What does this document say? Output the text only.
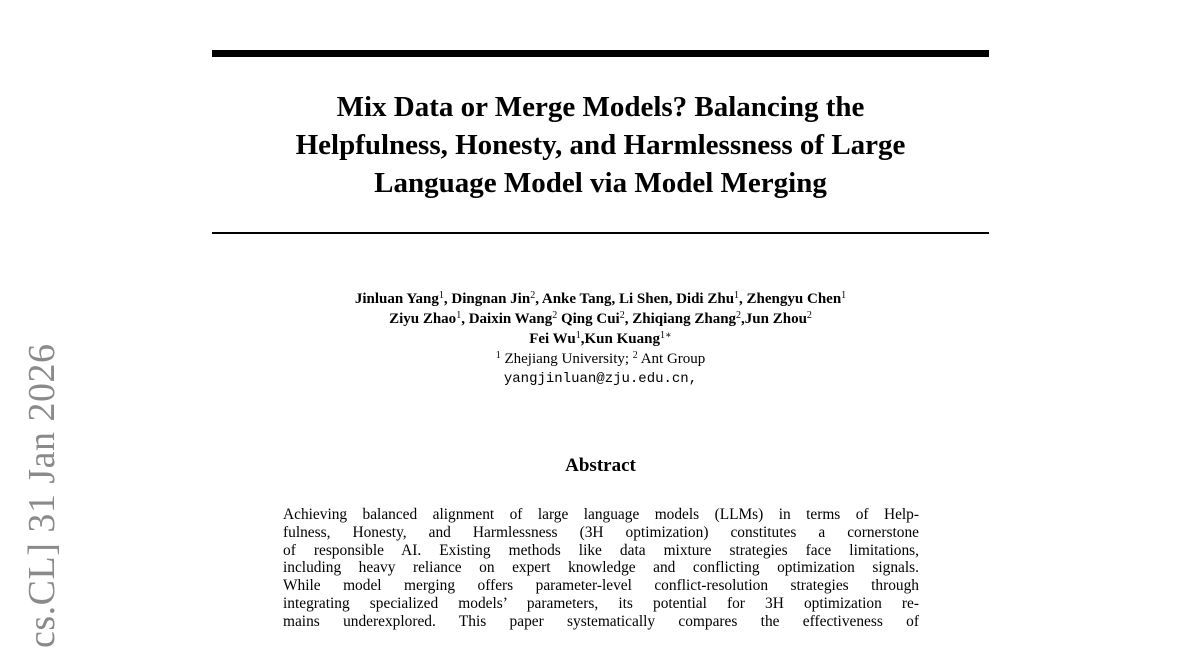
cs.CL] 31 Jan 2026
Mix Data or Merge Models? Balancing the
Helpfulness, Honesty, and Harmlessness of Large
Language Model via Model Merging
Jinluan Yang$^1$, Dingnan Jin$^2$, Anke Tang, Li Shen, Didi Zhu$^1$, Zhengyu Chen$^1$
Ziyu Zhao$^1$, Daixin Wang$^2$ Qing Cui$^2$, Zhiqiang Zhang$^2$,Jun Zhou$^2$
Fei Wu$^1$,Kun Kuang$^{1∗}$
$^1$ Zhejiang University; $^2$ Ant Group
yangjinluan@zju.edu.cn,
Abstract
Achieving balanced alignment of large language models (LLMs) in terms of Help-
fulness, Honesty, and Harmlessness (3H optimization) constitutes a cornerstone
of responsible AI. Existing methods like data mixture strategies face limitations,
including heavy reliance on expert knowledge and conflicting optimization signals.
While model merging offers parameter-level conflict-resolution strategies through
integrating specialized models’ parameters, its potential for 3H optimization re-
mains underexplored. This paper systematically compares the effectiveness of
